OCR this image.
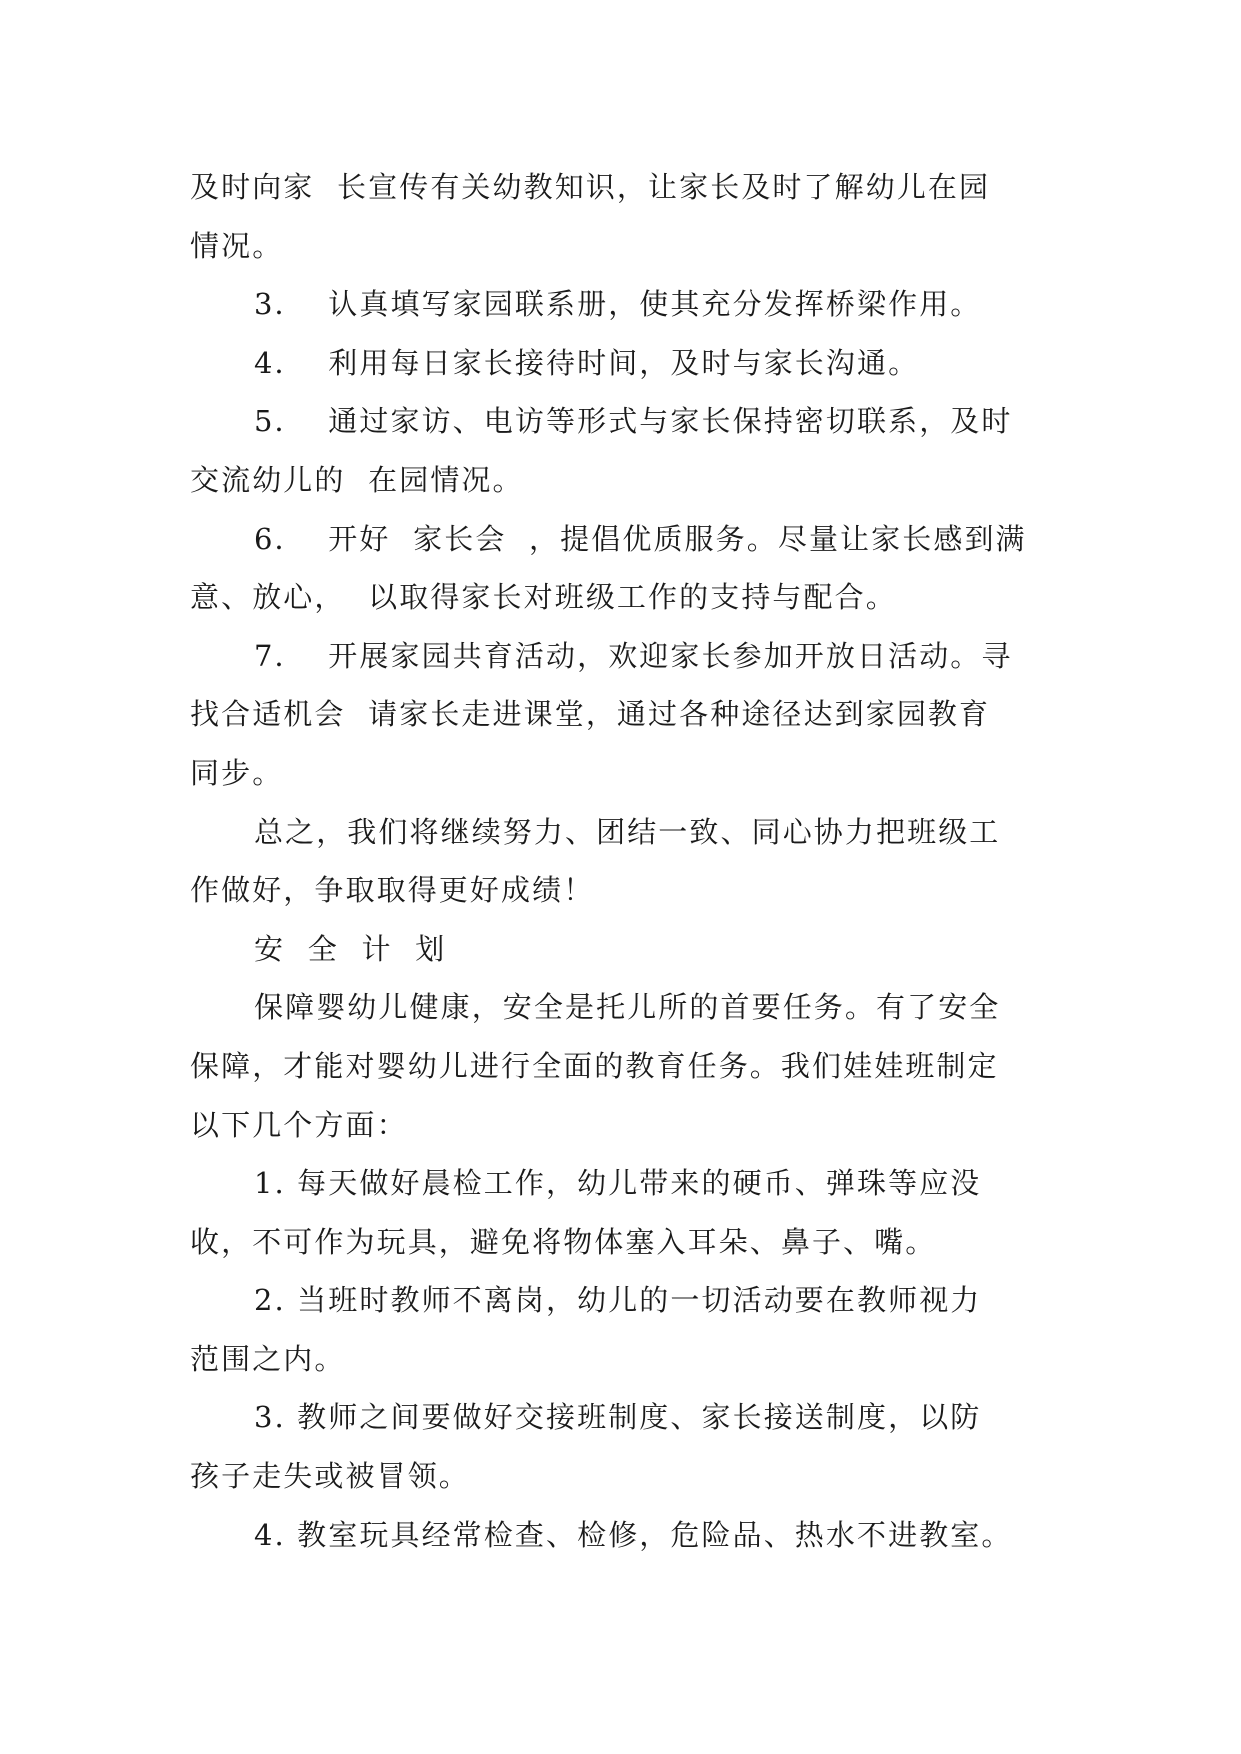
及时向家  长宣传有关幼教知识，让家长及时了解幼儿在园
情况。
3．  认真填写家园联系册，使其充分发挥桥梁作用。
4．  利用每日家长接待时间，及时与家长沟通。
5．  通过家访、电访等形式与家长保持密切联系，及时
交流幼儿的  在园情况。
6．  开好  家长会  ，提倡优质服务。尽量让家长感到满
意、放心，  以取得家长对班级工作的支持与配合。
7．  开展家园共育活动，欢迎家长参加开放日活动。寻
找合适机会  请家长走进课堂，通过各种途径达到家园教育
同步。
总之，我们将继续努力、团结一致、同心协力把班级工
作做好，争取取得更好成绩！
安  全  计  划
保障婴幼儿健康，安全是托儿所的首要任务。有了安全
保障，才能对婴幼儿进行全面的教育任务。我们娃娃班制定
以下几个方面：
1. 每天做好晨检工作，幼儿带来的硬币、弹珠等应没
收，不可作为玩具，避免将物体塞入耳朵、鼻子、嘴。
2. 当班时教师不离岗，幼儿的一切活动要在教师视力
范围之内。
3. 教师之间要做好交接班制度、家长接送制度，以防
孩子走失或被冒领。
4. 教室玩具经常检查、检修，危险品、热水不进教室。
